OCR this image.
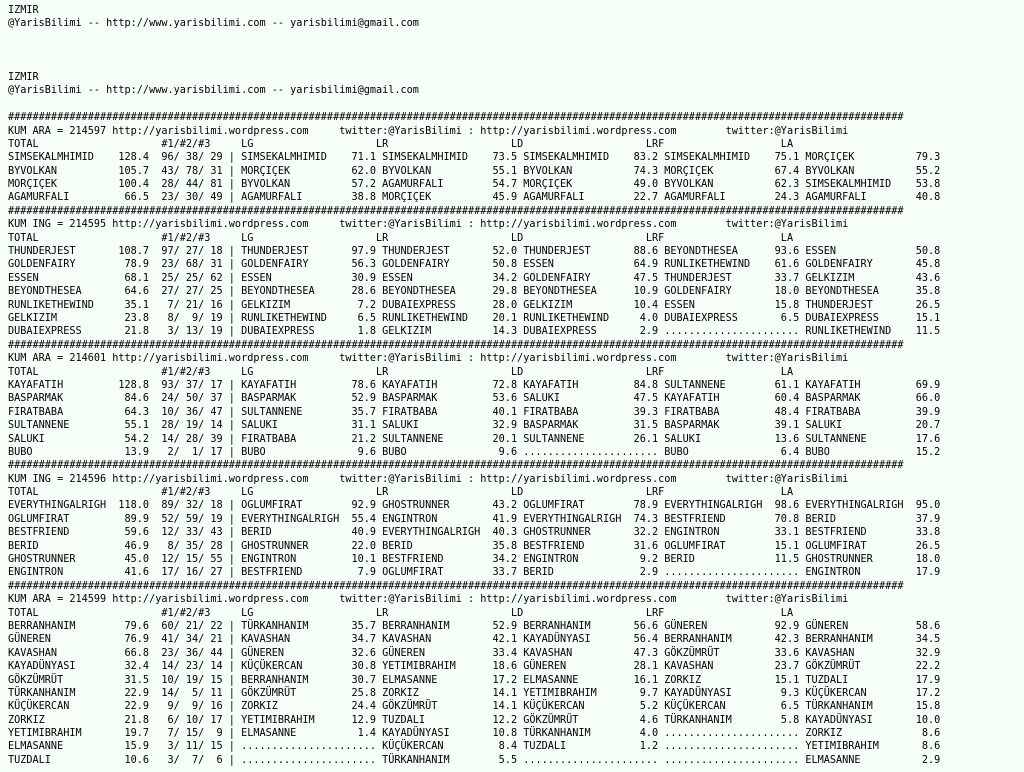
IZMIR
@YarisBilimi -- http://www.yarisbilimi.com -- yarisbilimi@gmail.com
IZMIR
@YarisBilimi -- http://www.yarisbilimi.com -- yarisbilimi@gmail.com
##################################################################################################################################################
KUM ARA = 214597 http://yarisbilimi.wordpress.com     twitter:@YarisBilimi : http://yarisbilimi.wordpress.com        twitter:@YarisBilimi
TOTAL                    #1/#2/#3     LG                    LR                    LD                    LRF                   LA
SIMSEKALMHIMID    128.4  96/ 38/ 29 | SIMSEKALMHIMID    71.1 SIMSEKALMHIMID    73.5 SIMSEKALMHIMID    83.2 SIMSEKALMHIMID    75.1 MORÇIÇEK          79.3
BYVOLKAN          105.7  43/ 78/ 31 | MORÇIÇEK          62.0 BYVOLKAN          55.1 BYVOLKAN          74.3 MORÇIÇEK          67.4 BYVOLKAN          55.2
MORÇIÇEK          100.4  28/ 44/ 81 | BYVOLKAN          57.2 AGAMURFALI        54.7 MORÇIÇEK          49.0 BYVOLKAN          62.3 SIMSEKALMHIMID    53.8
AGAMURFALI         66.5  23/ 30/ 49 | AGAMURFALI        38.8 MORÇIÇEK          45.9 AGAMURFALI        22.7 AGAMURFALI        24.3 AGAMURFALI        40.8
##################################################################################################################################################
KUM ING = 214595 http://yarisbilimi.wordpress.com     twitter:@YarisBilimi : http://yarisbilimi.wordpress.com        twitter:@YarisBilimi
TOTAL                    #1/#2/#3     LG                    LR                    LD                    LRF                   LA
THUNDERJEST       108.7  97/ 27/ 18 | THUNDERJEST       97.9 THUNDERJEST       52.0 THUNDERJEST       88.6 BEYONDTHESEA      93.6 ESSEN             50.8
GOLDENFAIRY        78.9  23/ 68/ 31 | GOLDENFAIRY       56.3 GOLDENFAIRY       50.8 ESSEN             64.9 RUNLIKETHEWIND    61.6 GOLDENFAIRY       45.8
ESSEN              68.1  25/ 25/ 62 | ESSEN             30.9 ESSEN             34.2 GOLDENFAIRY       47.5 THUNDERJEST       33.7 GELKIZIM          43.6
BEYONDTHESEA       64.6  27/ 27/ 25 | BEYONDTHESEA      28.6 BEYONDTHESEA      29.8 BEYONDTHESEA      10.9 GOLDENFAIRY       18.0 BEYONDTHESEA      35.8
RUNLIKETHEWIND     35.1   7/ 21/ 16 | GELKIZIM           7.2 DUBAIEXPRESS      28.0 GELKIZIM          10.4 ESSEN             15.8 THUNDERJEST       26.5
GELKIZIM           23.8   8/  9/ 19 | RUNLIKETHEWIND     6.5 RUNLIKETHEWIND    20.1 RUNLIKETHEWIND     4.0 DUBAIEXPRESS       6.5 DUBAIEXPRESS      15.1
DUBAIEXPRESS       21.8   3/ 13/ 19 | DUBAIEXPRESS       1.8 GELKIZIM          14.3 DUBAIEXPRESS       2.9 ...................... RUNLIKETHEWIND    11.5
##################################################################################################################################################
KUM ARA = 214601 http://yarisbilimi.wordpress.com     twitter:@YarisBilimi : http://yarisbilimi.wordpress.com        twitter:@YarisBilimi
TOTAL                    #1/#2/#3     LG                    LR                    LD                    LRF                   LA
KAYAFATIH         128.8  93/ 37/ 17 | KAYAFATIH         78.6 KAYAFATIH         72.8 KAYAFATIH         84.8 SULTANNENE        61.1 KAYAFATIH         69.9
BASPARMAK          84.6  24/ 50/ 37 | BASPARMAK         52.9 BASPARMAK         53.6 SALUKI            47.5 KAYAFATIH         60.4 BASPARMAK         66.0
FIRATBABA          64.3  10/ 36/ 47 | SULTANNENE        35.7 FIRATBABA         40.1 FIRATBABA         39.3 FIRATBABA         48.4 FIRATBABA         39.9
SULTANNENE         55.1  28/ 19/ 14 | SALUKI            31.1 SALUKI            32.9 BASPARMAK         31.5 BASPARMAK         39.1 SALUKI            20.7
SALUKI             54.2  14/ 28/ 39 | FIRATBABA         21.2 SULTANNENE        20.1 SULTANNENE        26.1 SALUKI            13.6 SULTANNENE        17.6
BUBO               13.9   2/  1/ 17 | BUBO               9.6 BUBO               9.6 ...................... BUBO               6.4 BUBO              15.2
##################################################################################################################################################
KUM ING = 214596 http://yarisbilimi.wordpress.com     twitter:@YarisBilimi : http://yarisbilimi.wordpress.com        twitter:@YarisBilimi
TOTAL                    #1/#2/#3     LG                    LR                    LD                    LRF                   LA
EVERYTHINGALRIGH  118.0  89/ 32/ 18 | OGLUMFIRAT        92.9 GHOSTRUNNER       43.2 OGLUMFIRAT        78.9 EVERYTHINGALRIGH  98.6 EVERYTHINGALRIGH  95.0
OGLUMFIRAT         89.9  52/ 59/ 19 | EVERYTHINGALRIGH  55.4 ENGINTRON         41.9 EVERYTHINGALRIGH  74.3 BESTFRIEND        70.8 BERID             37.9
BESTFRIEND         59.6  12/ 33/ 43 | BERID             40.9 EVERYTHINGALRIGH  40.3 GHOSTRUNNER       32.2 ENGINTRON         33.1 BESTFRIEND        33.8
BERID              46.9   8/ 35/ 28 | GHOSTRUNNER       22.0 BERID             35.8 BESTFRIEND        31.6 OGLUMFIRAT        15.1 OGLUMFIRAT        26.5
GHOSTRUNNER        45.0  12/ 15/ 55 | ENGINTRON         10.1 BESTFRIEND        34.2 ENGINTRON          9.2 BERID             11.5 GHOSTRUNNER       18.0
ENGINTRON          41.6  17/ 16/ 27 | BESTFRIEND         7.9 OGLUMFIRAT        33.7 BERID              2.9 ...................... ENGINTRON         17.9
##################################################################################################################################################
KUM ARA = 214599 http://yarisbilimi.wordpress.com     twitter:@YarisBilimi : http://yarisbilimi.wordpress.com        twitter:@YarisBilimi
TOTAL                    #1/#2/#3     LG                    LR                    LD                    LRF                   LA
BERRANHANIM        79.6  60/ 21/ 22 | TÜRKANHANIM       35.7 BERRANHANIM       52.9 BERRANHANIM       56.6 GÜNEREN           92.9 GÜNEREN           58.6
GÜNEREN            76.9  41/ 34/ 21 | KAVASHAN          34.7 KAVASHAN          42.1 KAYADÜNYASI       56.4 BERRANHANIM       42.3 BERRANHANIM       34.5
KAVASHAN           66.8  23/ 36/ 44 | GÜNEREN           32.6 GÜNEREN           33.4 KAVASHAN          47.3 GÖKZÜMRÜT         33.6 KAVASHAN          32.9
KAYADÜNYASI        32.4  14/ 23/ 14 | KÜÇÜKERCAN        30.8 YETIMIBRAHIM      18.6 GÜNEREN           28.1 KAVASHAN          23.7 GÖKZÜMRÜT         22.2
GÖKZÜMRÜT          31.5  10/ 19/ 15 | BERRANHANIM       30.7 ELMASANNE         17.2 ELMASANNE         16.1 ZORKIZ            15.1 TUZDALI           17.9
TÜRKANHANIM        22.9  14/  5/ 11 | GÖKZÜMRÜT         25.8 ZORKIZ            14.1 YETIMIBRAHIM       9.7 KAYADÜNYASI        9.3 KÜÇÜKERCAN        17.2
KÜÇÜKERCAN         22.9   9/  9/ 16 | ZORKIZ            24.4 GÖKZÜMRÜT         14.1 KÜÇÜKERCAN         5.2 KÜÇÜKERCAN         6.5 TÜRKANHANIM       15.8
ZORKIZ             21.8   6/ 10/ 17 | YETIMIBRAHIM      12.9 TUZDALI           12.2 GÖKZÜMRÜT          4.6 TÜRKANHANIM        5.8 KAYADÜNYASI       10.0
YETIMIBRAHIM       19.7   7/ 15/  9 | ELMASANNE          1.4 KAYADÜNYASI       10.8 TÜRKANHANIM        4.0 ...................... ZORKIZ             8.6
ELMASANNE          15.9   3/ 11/ 15 | ...................... KÜÇÜKERCAN         8.4 TUZDALI            1.2 ...................... YETIMIBRAHIM       8.6
TUZDALI            10.6   3/  7/  6 | ...................... TÜRKANHANIM        5.5 ...................... ...................... ELMASANNE          2.9
